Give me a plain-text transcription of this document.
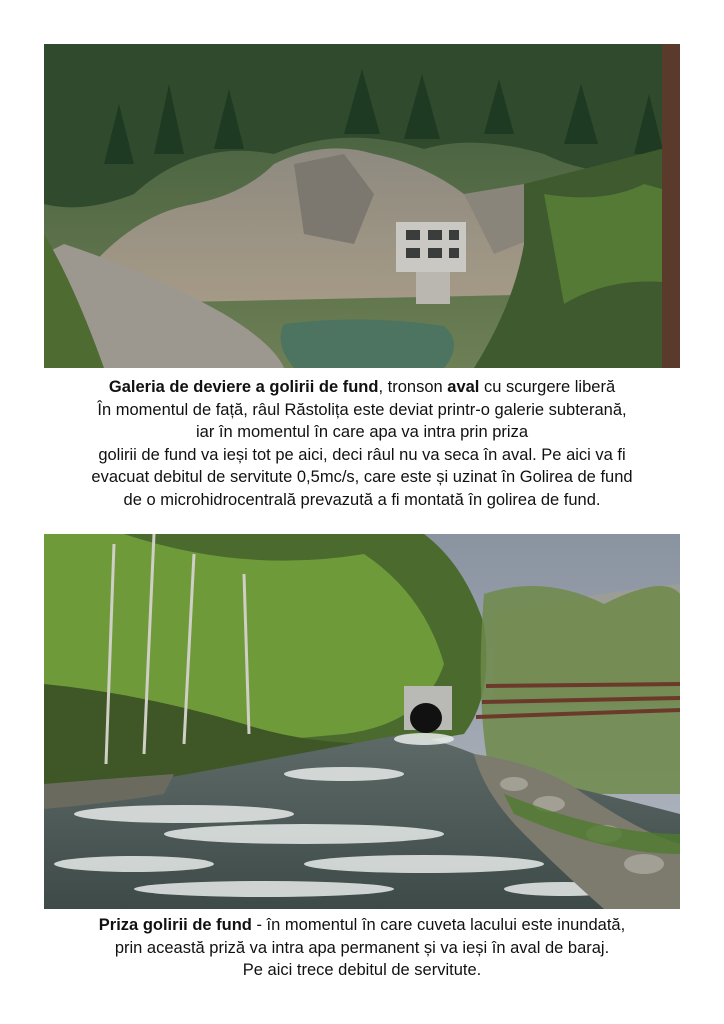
Galeria de deviere a golirii de fund, tronson aval cu scurgere liberă
În momentul de față, râul Răstolița este deviat printr-o galerie subterană,
iar în momentul în care apa va intra prin priza
golirii de fund va ieși tot pe aici, deci râul nu va seca în aval. Pe aici va fi
evacuat debitul de servitute 0,5mc/s, care este și uzinat în Golirea de fund
de o microhidrocentrală prevazută a fi montată în golirea de fund.
Priza golirii de fund - în momentul în care cuveta lacului este inundată,
prin această priză va intra apa permanent și va ieși în aval de baraj.
Pe aici trece debitul de servitute.
